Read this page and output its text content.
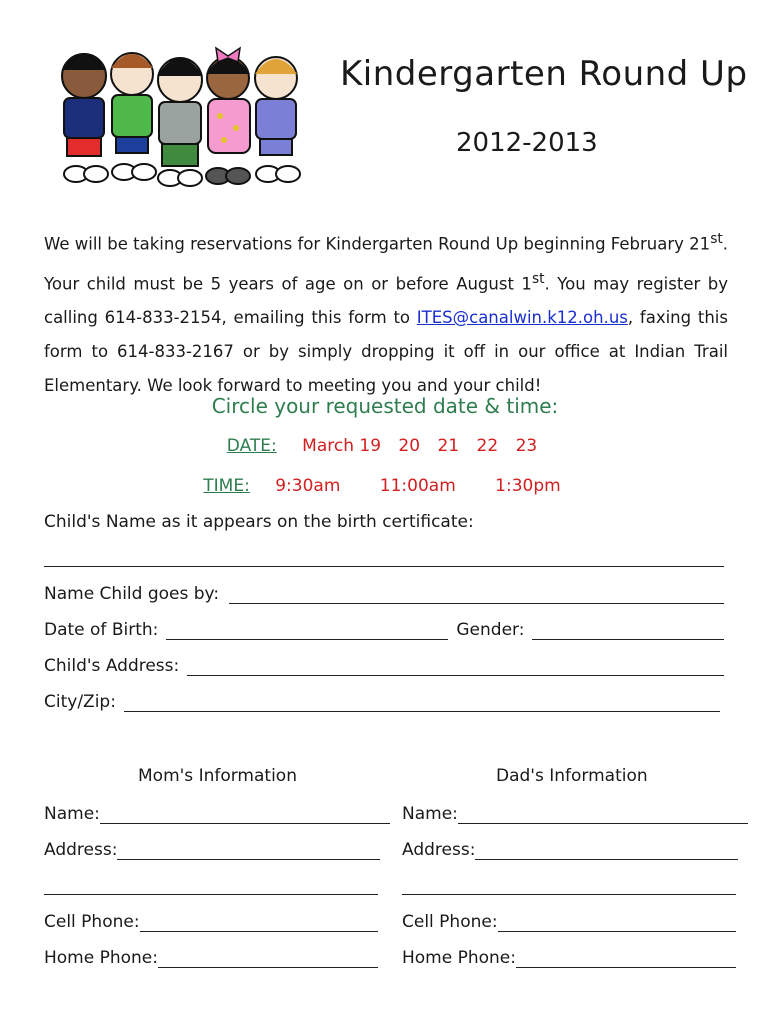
Kindergarten Round Up
2012-2013
We will be taking reservations for Kindergarten Round Up beginning February 21st. Your child must be 5 years of age on or before August 1st. You may register by calling 614-833-2154, emailing this form to ITES@canalwin.k12.oh.us, faxing this form to 614-833-2167 or by simply dropping it off in our office at Indian Trail Elementary. We look forward to meeting you and your child!
Circle your requested date & time:
DATE: March 19 20 21 22 23
TIME: 9:30am 11:00am 1:30pm
Child's Name as it appears on the birth certificate:
Name Child goes by:
Date of Birth:	Gender:
Child's Address:
City/Zip:
Mom's Information	Dad's Information
Name:
Address:
Cell Phone:
Home Phone:
Name:
Address:
Cell Phone:
Home Phone:
